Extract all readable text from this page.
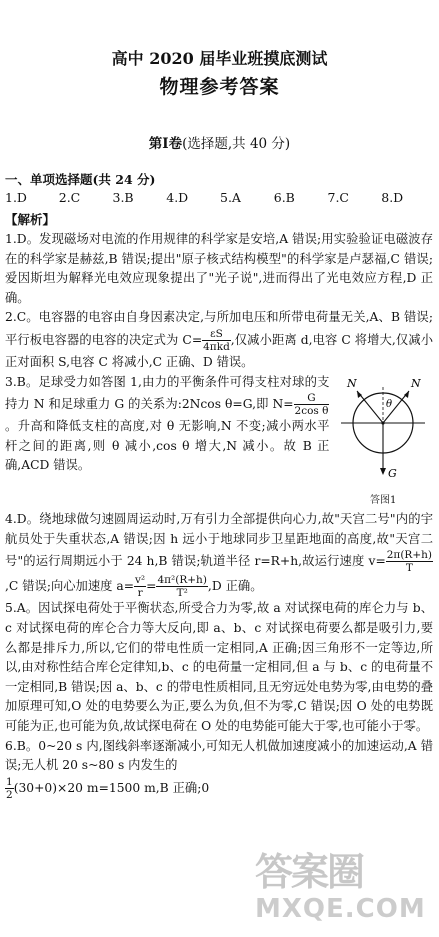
高中 2020 届毕业班摸底测试
物理参考答案
第Ⅰ卷(选择题,共 40 分)
一、单项选择题(共 24 分)
1.D	2.C	3.B	4.D	5.A	6.B	7.C	8.D
【解析】

1.D。发现磁场对电流的作用规律的科学家是安培,A 错误;用实验验证电磁波存在的科学家是赫兹,B 错误;提出"原子核式结构模型"的科学家是卢瑟福,C 错误;爱因斯坦为解释光电效应现象提出了"光子说",进而得出了光电效应方程,D 正确。

2.C。电容器的电容由自身因素决定,与所加电压和所带电荷量无关,A、B 错误;平行板电容器的电容的决定式为 $C= \frac{\varepsilon S}{\text{4πkd}}$ ,仅减小距离 d,电容 C 将增大,仅减小正对面积 S,电容 C 将减小,C 正确、D 错误。

3.B。足球受力如答图 1,由力的平衡条件可得支柱对球的支持力 N 和足球重力 G 的关系为:2Ncos θ=G,即 $N= \frac{G}{\text{2cos θ}}$
。升高和降低支柱的高度,对 θ 无影响,N 不变;减小两水平杆之间的距离,则 θ 减小,cos θ 增大,N 减小。故 B 正确,ACD 错误。

N	N
θ
G
答图1

4.D。绕地球做匀速圆周运动时,万有引力全部提供向心力,故"天宫二号"内的宇航员处于失重状态,A 错误;因 h 远小于地球同步卫星距地面的高度,故"天宫二号"的运行周期远小于 24 h,B 错误;轨道半径 r=R+h,故运行速度 $v= \frac{2\pi(R+h)}{T}$
,C 错误;向心加速度 $a= \frac{\text{v²}}{r} = \frac{\text{4π²(R+h)}}{\text{T²}} ,D$ 正确。

5.A。因试探电荷处于平衡状态,所受合力为零,故 a 对试探电荷的库仑力与 b、c 对试探电荷的库仑合力等大反向,即 a、b、c 对试探电荷要么都是吸引力,要么都是排斥力,所以,它们的带电性质一定相同,A 正确;因三角形不一定等边,所以,由对称性结合库仑定律知,b、c 的电荷量一定相同,但 a 与 b、c 的电荷量不一定相同,B 错误;因 a、b、c 的带电性质相同,且无穷远处电势为零,由电势的叠加原理可知,O 处的电势要么为正,要么为负,但不为零,C 错误;因 O 处的电势既可能为正,也可能为负,故试探电荷在 O 处的电势能可能大于零,也可能小于零。

6.B。0~20 s 内,图线斜率逐渐减小,可知无人机做加速度减小的加速运动,A 错误;无人机 20 s~80 s 内发生的

$\frac{1}{2} (30+0)\times 20$ m=1500 m,B 正确;0

答案圈
MXQE.COM
